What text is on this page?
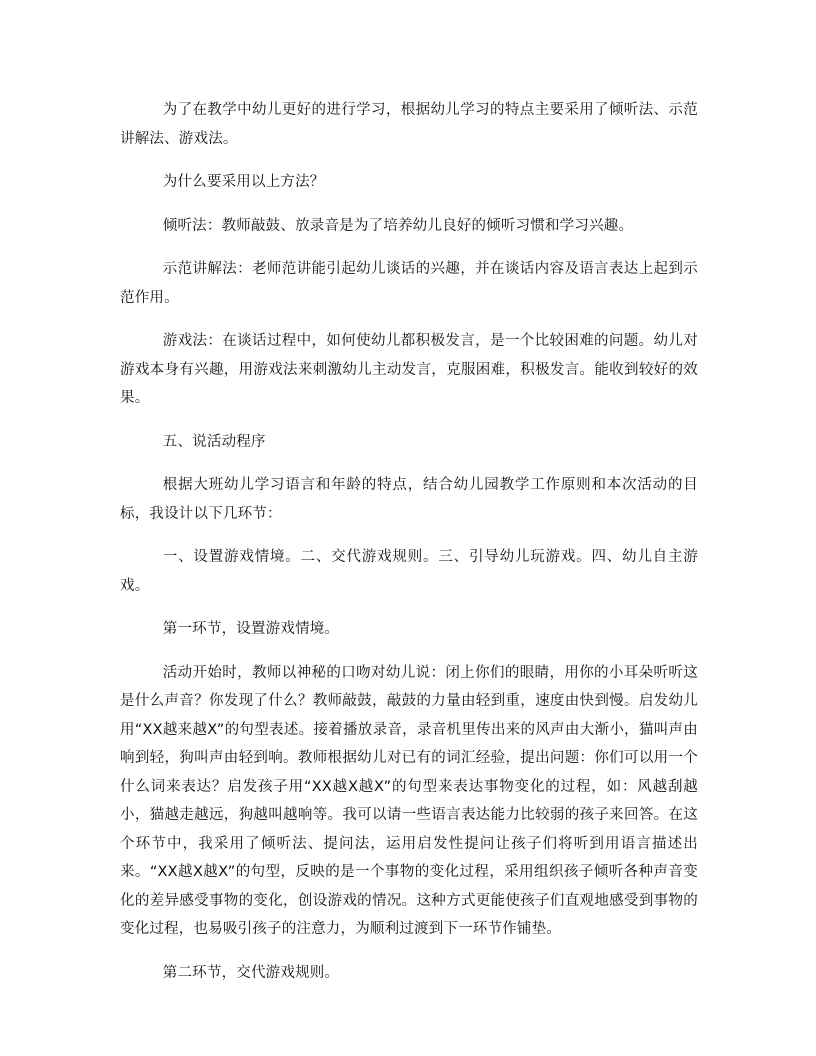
为了在教学中幼儿更好的进行学习，根据幼儿学习的特点主要采用了倾听法、示范讲解法、游戏法。

为什么要采用以上方法？

倾听法：教师敲鼓、放录音是为了培养幼儿良好的倾听习惯和学习兴趣。

示范讲解法：老师范讲能引起幼儿谈话的兴趣，并在谈话内容及语言表达上起到示范作用。

游戏法：在谈话过程中，如何使幼儿都积极发言，是一个比较困难的问题。幼儿对游戏本身有兴趣，用游戏法来刺激幼儿主动发言，克服困难，积极发言。能收到较好的效果。

五、说活动程序

根据大班幼儿学习语言和年龄的特点，结合幼儿园教学工作原则和本次活动的目标，我设计以下几环节：

一、设置游戏情境。二、交代游戏规则。三、引导幼儿玩游戏。四、幼儿自主游戏。

第一环节，设置游戏情境。

活动开始时，教师以神秘的口吻对幼儿说：闭上你们的眼睛，用你的小耳朵听听这是什么声音？你发现了什么？教师敲鼓，敲鼓的力量由轻到重，速度由快到慢。启发幼儿用“XX越来越X”的句型表述。接着播放录音，录音机里传出来的风声由大渐小，猫叫声由响到轻，狗叫声由轻到响。教师根据幼儿对已有的词汇经验，提出问题：你们可以用一个什么词来表达？启发孩子用“XX越X越X”的句型来表达事物变化的过程，如：风越刮越小，猫越走越远，狗越叫越响等。我可以请一些语言表达能力比较弱的孩子来回答。在这个环节中，我采用了倾听法、提问法，运用启发性提问让孩子们将听到用语言描述出来。“XX越X越X”的句型，反映的是一个事物的变化过程，采用组织孩子倾听各种声音变化的差异感受事物的变化，创设游戏的情况。这种方式更能使孩子们直观地感受到事物的变化过程，也易吸引孩子的注意力，为顺利过渡到下一环节作铺垫。

第二环节，交代游戏规则。
